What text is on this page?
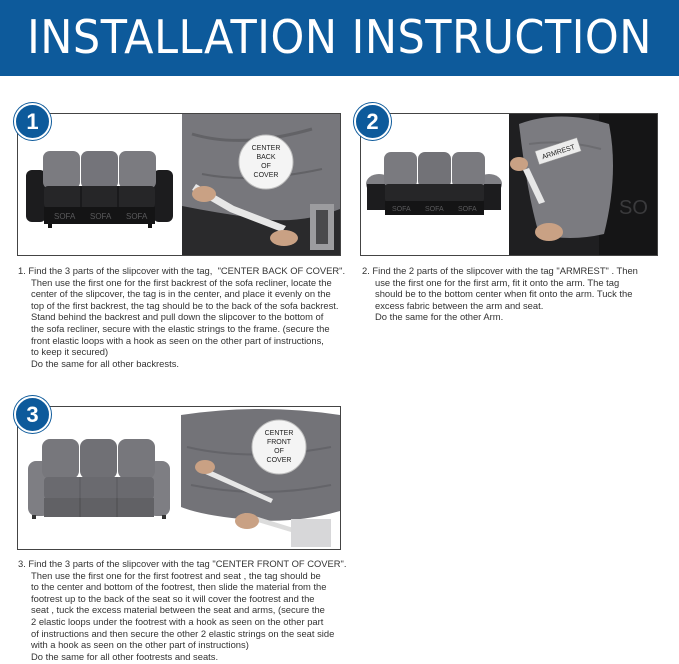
INSTALLATION INSTRUCTION
1
SOFA SOFA SOFA
CENTER
BACK
OF
COVER

1. Find the 3 parts of the slipcover with the tag,  "CENTER BACK OF COVER".

Then use the first one for the first backrest of the sofa recliner, locate the

center of the slipcover, the tag is in the center, and place it evenly on the

top of the first backrest, the tag should be to the back of the sofa backrest.

Stand behind the backrest and pull down the slipcover to the bottom of

the sofa recliner, secure with the elastic strings to the frame. (secure the

front elastic loops with a hook as seen on the other part of instructions,

to keep it secured)

Do the same for all other backrests.

2
SOFA SOFA SOFA	SO
ARMREST

2. Find the 2 parts of the slipcover with the tag "ARMREST" . Then

use the first one for the first arm, fit it onto the arm. The tag

should be to the bottom center when fit onto the arm. Tuck the

excess fabric between the arm and seat.

Do the same for the other Arm.

3
CENTER
FRONT
OF
COVER

3. Find the 3 parts of the slipcover with the tag "CENTER FRONT OF COVER".

Then use the first one for the first footrest and seat , the tag should be

to the center and bottom of the footrest, then slide the material from the

footrest up to the back of the seat so it will cover the footrest and the

seat , tuck the excess material between the seat and arms, (secure the

2 elastic loops under the footrest with a hook as seen on the other part

of instructions and then secure the other 2 elastic strings on the seat side

with a hook as seen on the other part of instructions)

Do the same for all other footrests and seats.
